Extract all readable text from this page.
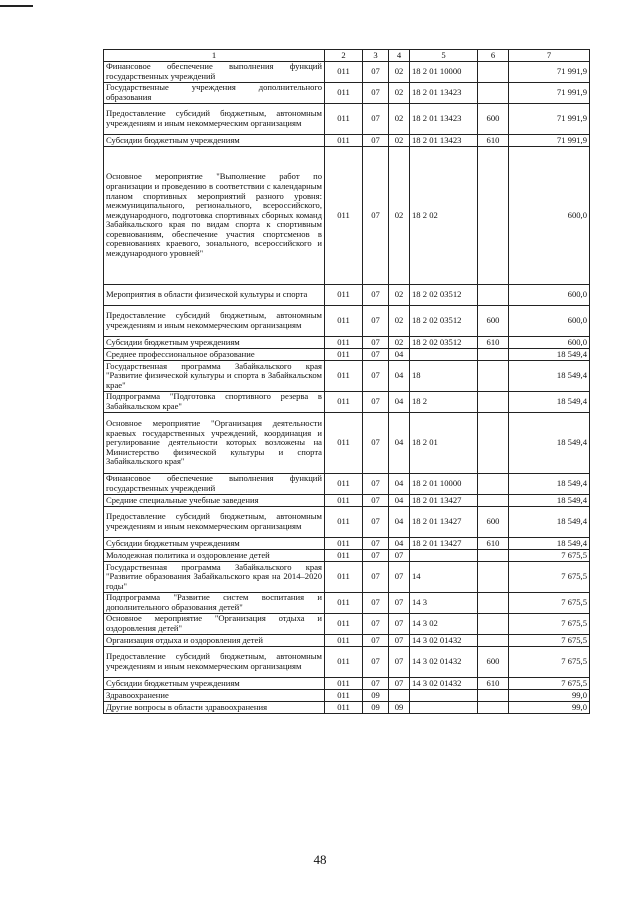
1	2	3	4	5	6	7
Финансовое обеспечение выполнения функций государственных учреждений	011	07	02	18 2 01 10000		71 991,9
Государственные учреждения дополнительного образования	011	07	02	18 2 01 13423		71 991,9
Предоставление субсидий бюджетным, автономным учреждениям и иным некоммерческим организациям	011	07	02	18 2 01 13423	600	71 991,9
Субсидии бюджетным учреждениям	011	07	02	18 2 01 13423	610	71 991,9
Основное мероприятие "Выполнение работ по организации и проведению в соответствии с календарным планом спортивных мероприятий разного уровня: межмуниципального, регионального, всероссийского, международного, подготовка спортивных сборных команд Забайкальского края по видам спорта к спортивным соревнованиям, обеспечение участия спортсменов в соревнованиях краевого, зонального, всероссийского и международного уровней"	011	07	02	18 2 02		600,0
Мероприятия в области физической культуры и спорта	011	07	02	18 2 02 03512		600,0
Предоставление субсидий бюджетным, автономным учреждениям и иным некоммерческим организациям	011	07	02	18 2 02 03512	600	600,0
Субсидии бюджетным учреждениям	011	07	02	18 2 02 03512	610	600,0
Среднее профессиональное образование	011	07	04			18 549,4
Государственная программа Забайкальского края "Развитие физической культуры и спорта в Забайкальском крае"	011	07	04	18		18 549,4
Подпрограмма "Подготовка спортивного резерва в Забайкальском крае"	011	07	04	18 2		18 549,4
Основное мероприятие "Организация деятельности краевых государственных учреждений, координация и регулирование деятельности которых возложены на Министерство физической культуры и спорта Забайкальского края"	011	07	04	18 2 01		18 549,4
Финансовое обеспечение выполнения функций государственных учреждений	011	07	04	18 2 01 10000		18 549,4
Средние специальные учебные заведения	011	07	04	18 2 01 13427		18 549,4
Предоставление субсидий бюджетным, автономным учреждениям и иным некоммерческим организациям	011	07	04	18 2 01 13427	600	18 549,4
Субсидии бюджетным учреждениям	011	07	04	18 2 01 13427	610	18 549,4
Молодежная политика и оздоровление детей	011	07	07			7 675,5
Государственная программа Забайкальского края "Развитие образования Забайкальского края на 2014–2020 годы"	011	07	07	14		7 675,5
Подпрограмма "Развитие систем воспитания и дополнительного образования детей"	011	07	07	14 3		7 675,5
Основное мероприятие "Организация отдыха и оздоровления детей"	011	07	07	14 3 02		7 675,5
Организация отдыха и оздоровления детей	011	07	07	14 3 02 01432		7 675,5
Предоставление субсидий бюджетным, автономным учреждениям и иным некоммерческим организациям	011	07	07	14 3 02 01432	600	7 675,5
Субсидии бюджетным учреждениям	011	07	07	14 3 02 01432	610	7 675,5
Здравоохранение	011	09				99,0
Другие вопросы в области здравоохранения	011	09	09			99,0
48
